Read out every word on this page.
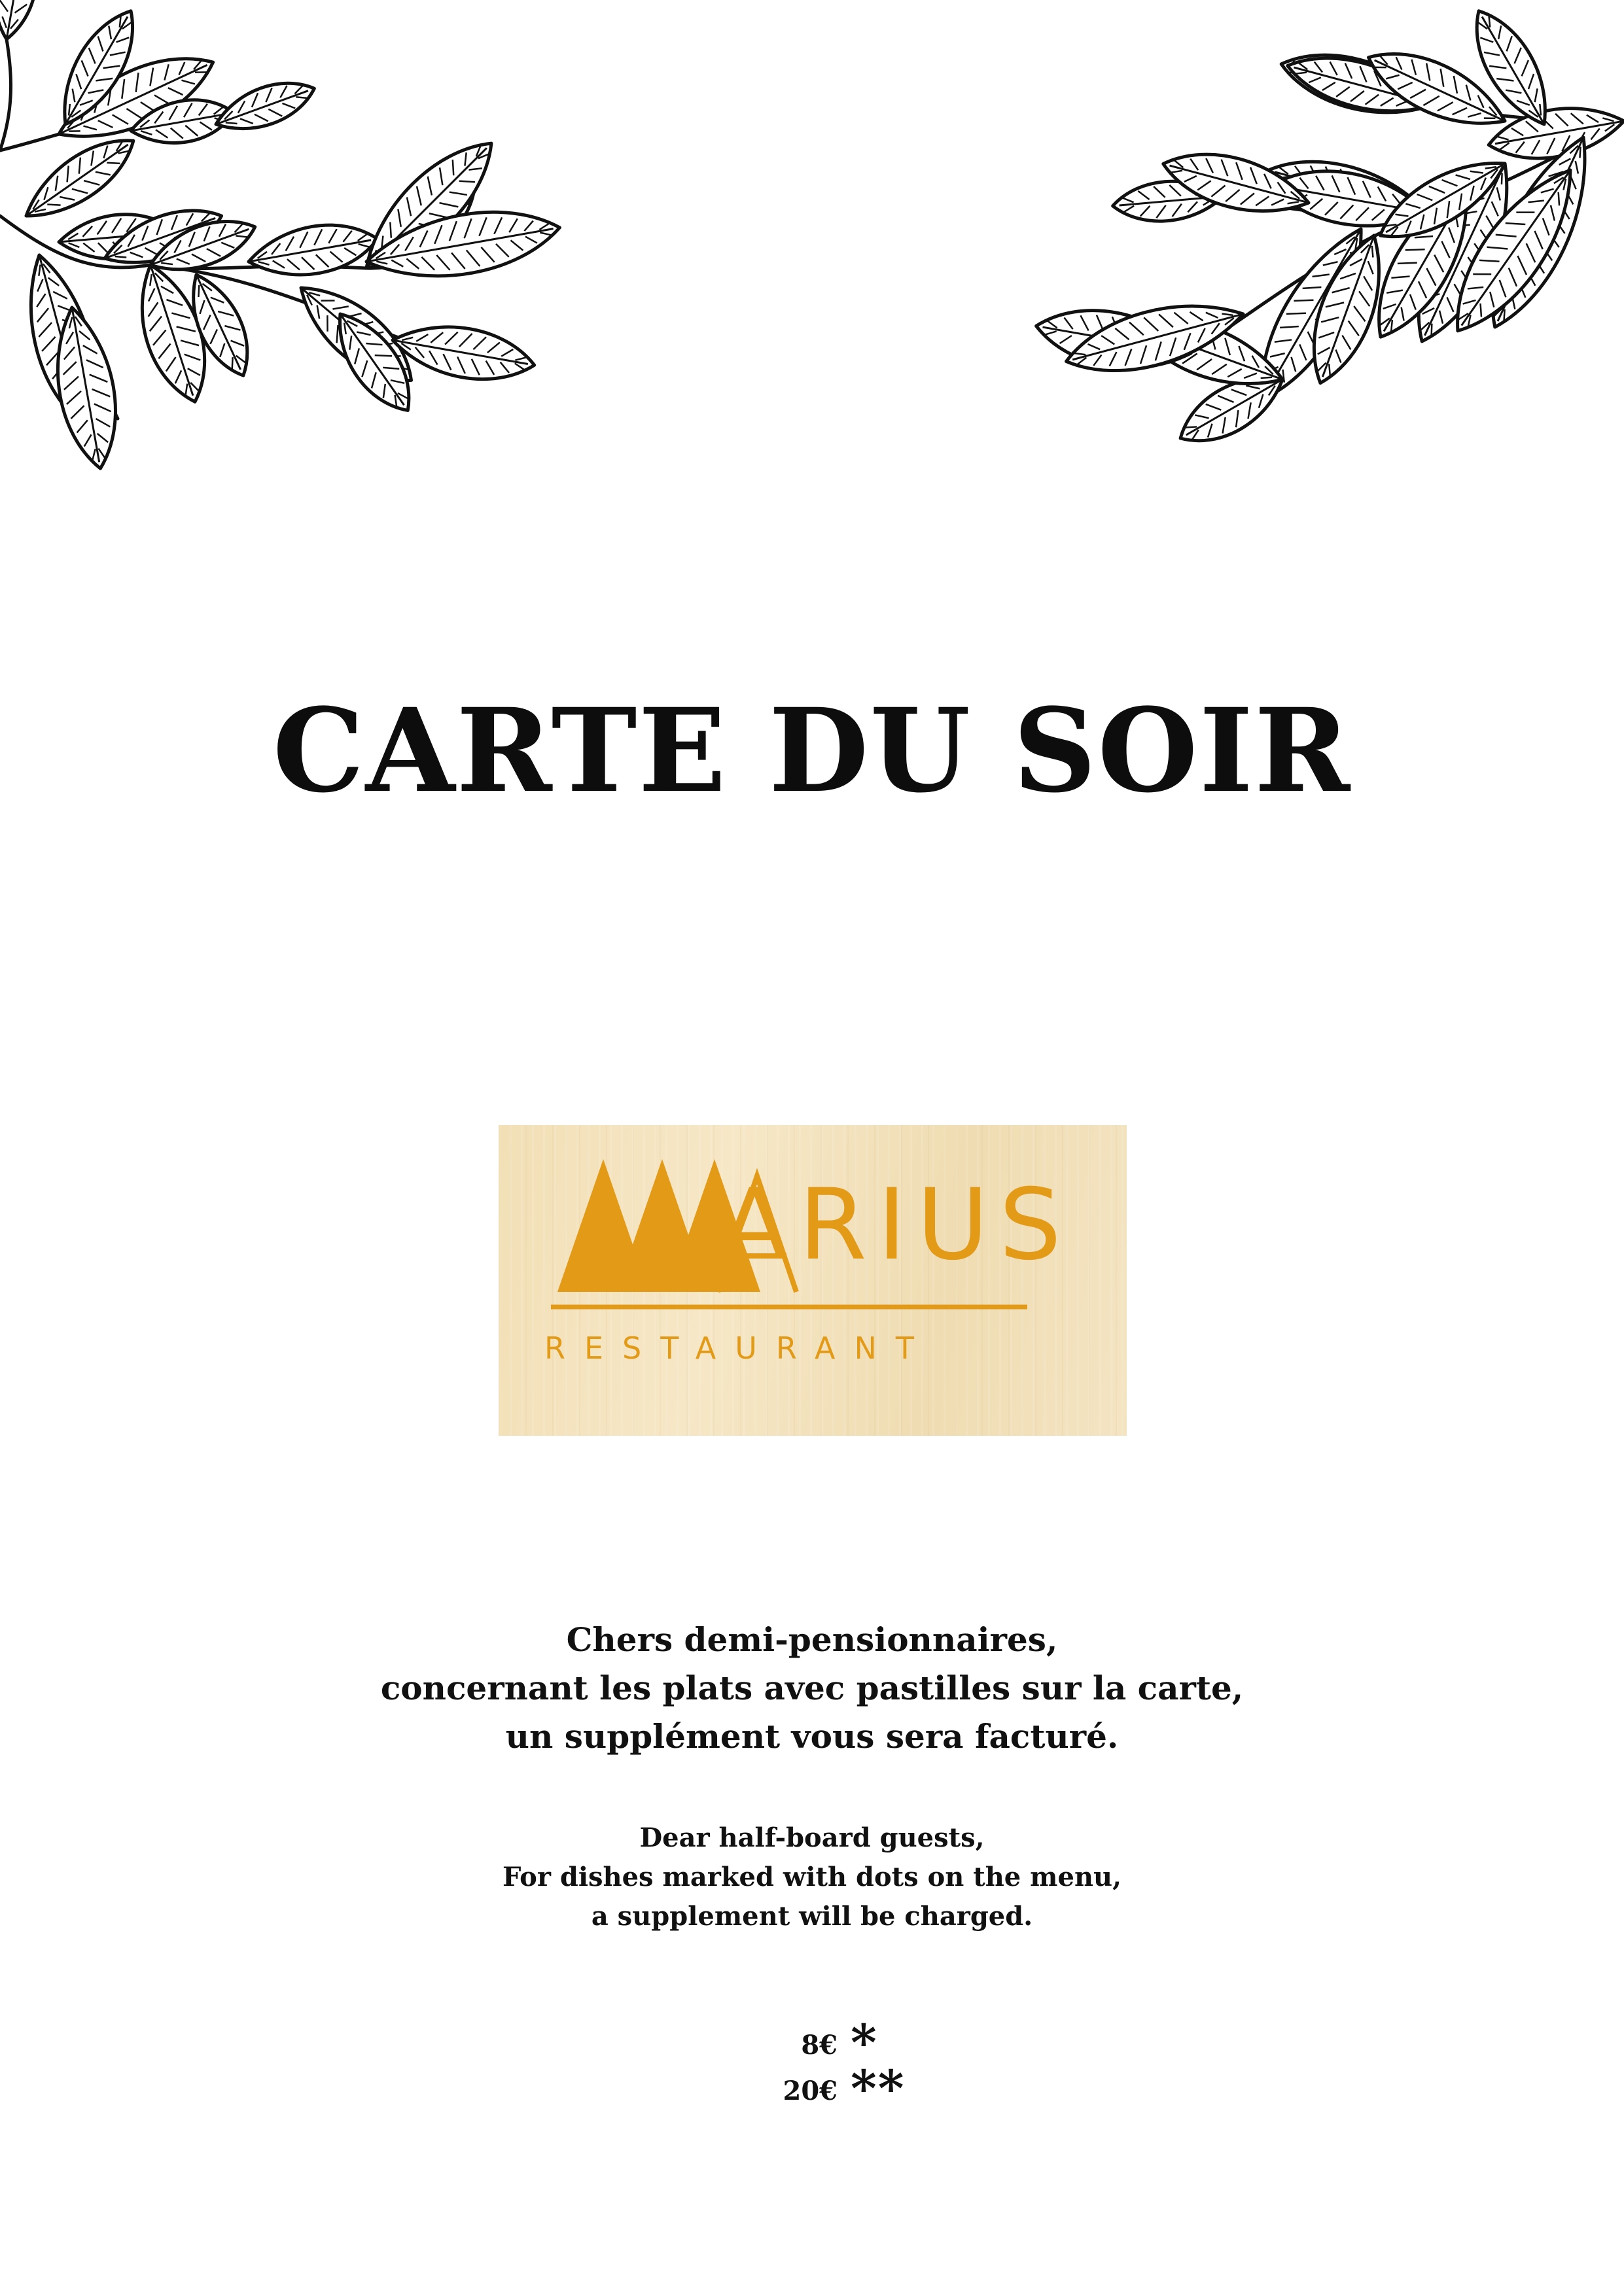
CARTE DU SOIR
ARIUS
RESTAURANT
Chers demi-pensionnaires,
concernant les plats avec pastilles sur la carte,
un supplément vous sera facturé.
Dear half-board guests,
For dishes marked with dots on the menu,
a supplement will be charged.
8€ *
20€ **
